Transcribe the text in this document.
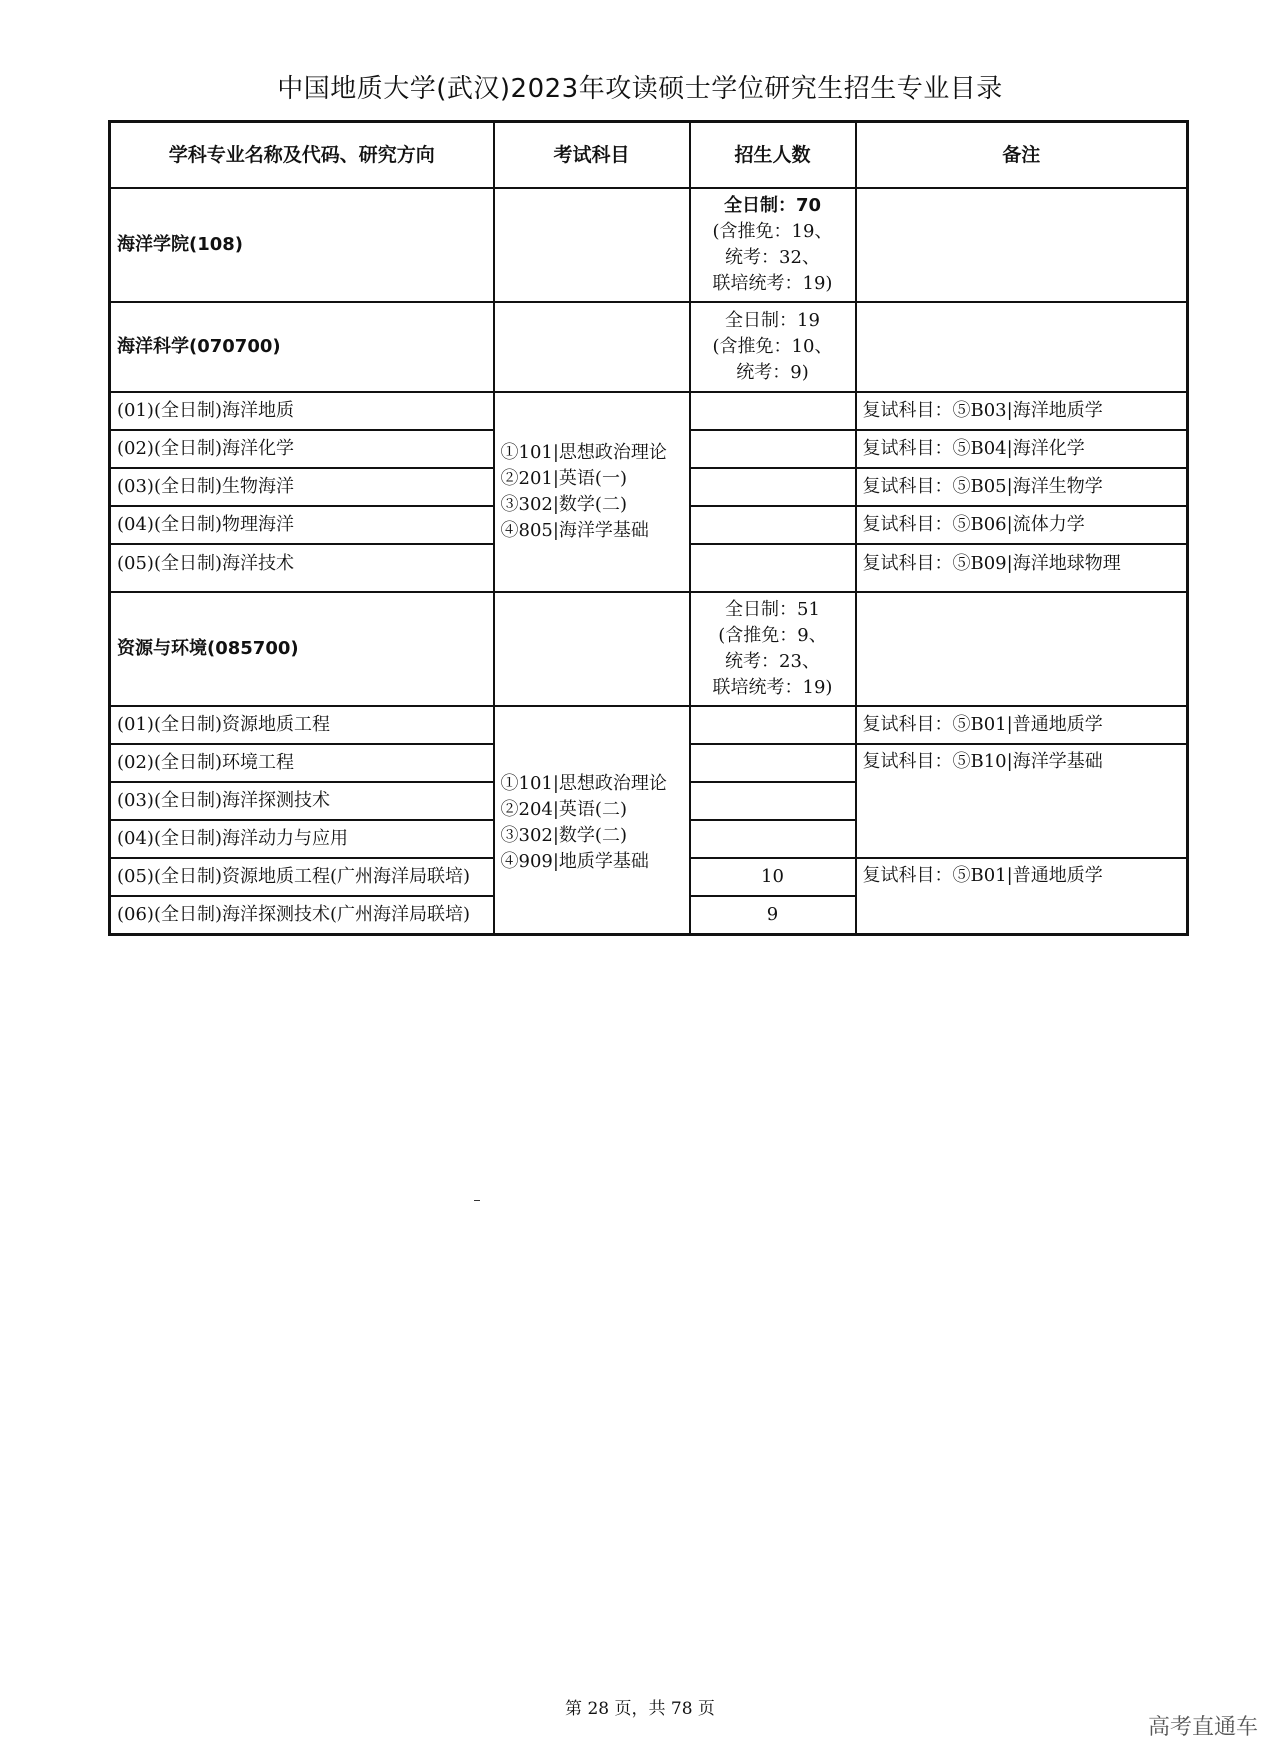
中国地质大学(武汉)2023年攻读硕士学位研究生招生专业目录
学科专业名称及代码、研究方向	考试科目	招生人数	备注
海洋学院(108)		全日制：70
(含推免：19、
统考：32、
联培统考：19)	

海洋科学(070700)		全日制：19
(含推免：10、
统考：9)	

(01)(全日制)海洋地质	①101|思想政治理论
②201|英语(一)
③302|数学(二)
④805|海洋学基础		复试科目：⑤B03|海洋地质学
(02)(全日制)海洋化学			复试科目：⑤B04|海洋化学
(03)(全日制)生物海洋			复试科目：⑤B05|海洋生物学
(04)(全日制)物理海洋			复试科目：⑤B06|流体力学
(05)(全日制)海洋技术			复试科目：⑤B09|海洋地球物理
资源与环境(085700)		全日制：51
(含推免：9、
统考：23、
联培统考：19)	

(01)(全日制)资源地质工程	①101|思想政治理论
②204|英语(二)
③302|数学(二)
④909|地质学基础		复试科目：⑤B01|普通地质学
(02)(全日制)环境工程			复试科目：⑤B10|海洋学基础
(03)(全日制)海洋探测技术			
(04)(全日制)海洋动力与应用			
(05)(全日制)资源地质工程(广州海洋局联培)		10	复试科目：⑤B01|普通地质学
(06)(全日制)海洋探测技术(广州海洋局联培)		9	
第 28 页，共 78 页
高考直通车
